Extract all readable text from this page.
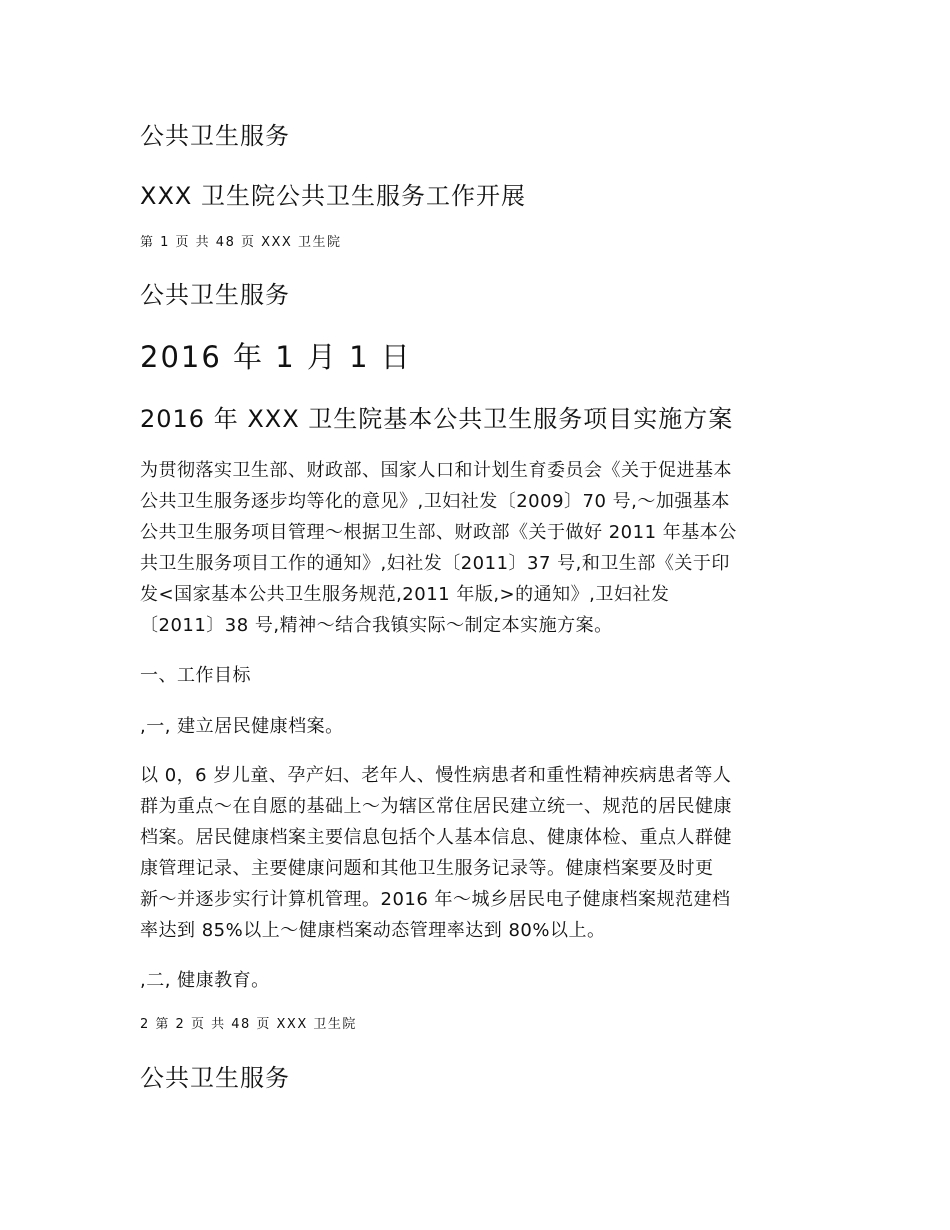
公共卫生服务
XXX 卫生院公共卫生服务工作开展
第 1 页 共 48 页 XXX 卫生院
公共卫生服务
2016 年 1 月 1 日
2016 年 XXX 卫生院基本公共卫生服务项目实施方案
为贯彻落实卫生部、财政部、国家人口和计划生育委员会《关于促进基本
公共卫生服务逐步均等化的意见》,卫妇社发〔2009〕70 号,～加强基本
公共卫生服务项目管理～根据卫生部、财政部《关于做好 2011 年基本公
共卫生服务项目工作的通知》,妇社发〔2011〕37 号,和卫生部《关于印
发<国家基本公共卫生服务规范,2011 年版,>的通知》,卫妇社发
〔2011〕38 号,精神～结合我镇实际～制定本实施方案。
一、工作目标
,一, 建立居民健康档案。
以 0，6 岁儿童、孕产妇、老年人、慢性病患者和重性精神疾病患者等人
群为重点～在自愿的基础上～为辖区常住居民建立统一、规范的居民健康
档案。居民健康档案主要信息包括个人基本信息、健康体检、重点人群健
康管理记录、主要健康问题和其他卫生服务记录等。健康档案要及时更
新～并逐步实行计算机管理。2016 年～城乡居民电子健康档案规范建档
率达到 85%以上～健康档案动态管理率达到 80%以上。
,二, 健康教育。
2 第 2 页 共 48 页 XXX 卫生院
公共卫生服务
